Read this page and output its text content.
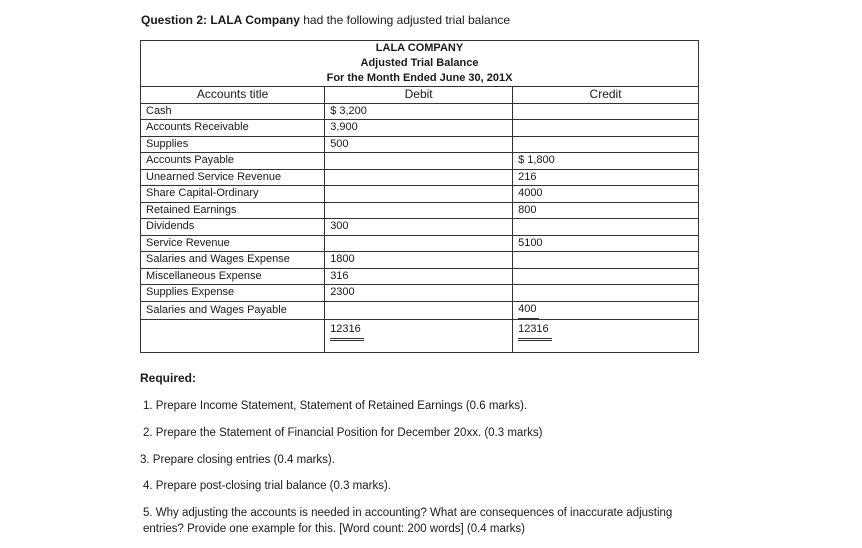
Question 2: LALA Company had the following adjusted trial balance
LALA COMPANY
Adjusted Trial Balance
For the Month Ended June 30, 201X		

Accounts title	Debit	Credit
Cash	$ 3,200	
Accounts Receivable	3,900	
Supplies	500	
Accounts Payable		$ 1,800
Unearned Service Revenue		216
Share Capital-Ordinary		4000
Retained Earnings		800
Dividends	300	
Service Revenue		5100
Salaries and Wages Expense	1800	
Miscellaneous Expense	316	
Supplies Expense	2300	
Salaries and Wages Payable		400
	12316	12316
Required:
1. Prepare Income Statement, Statement of Retained Earnings (0.6 marks).
2. Prepare the Statement of Financial Position for December 20xx. (0.3 marks)
3. Prepare closing entries (0.4 marks).
4. Prepare post-closing trial balance (0.3 marks).
5. Why adjusting the accounts is needed in accounting? What are consequences of inaccurate adjusting entries? Provide one example for this. [Word count: 200 words] (0.4 marks)
